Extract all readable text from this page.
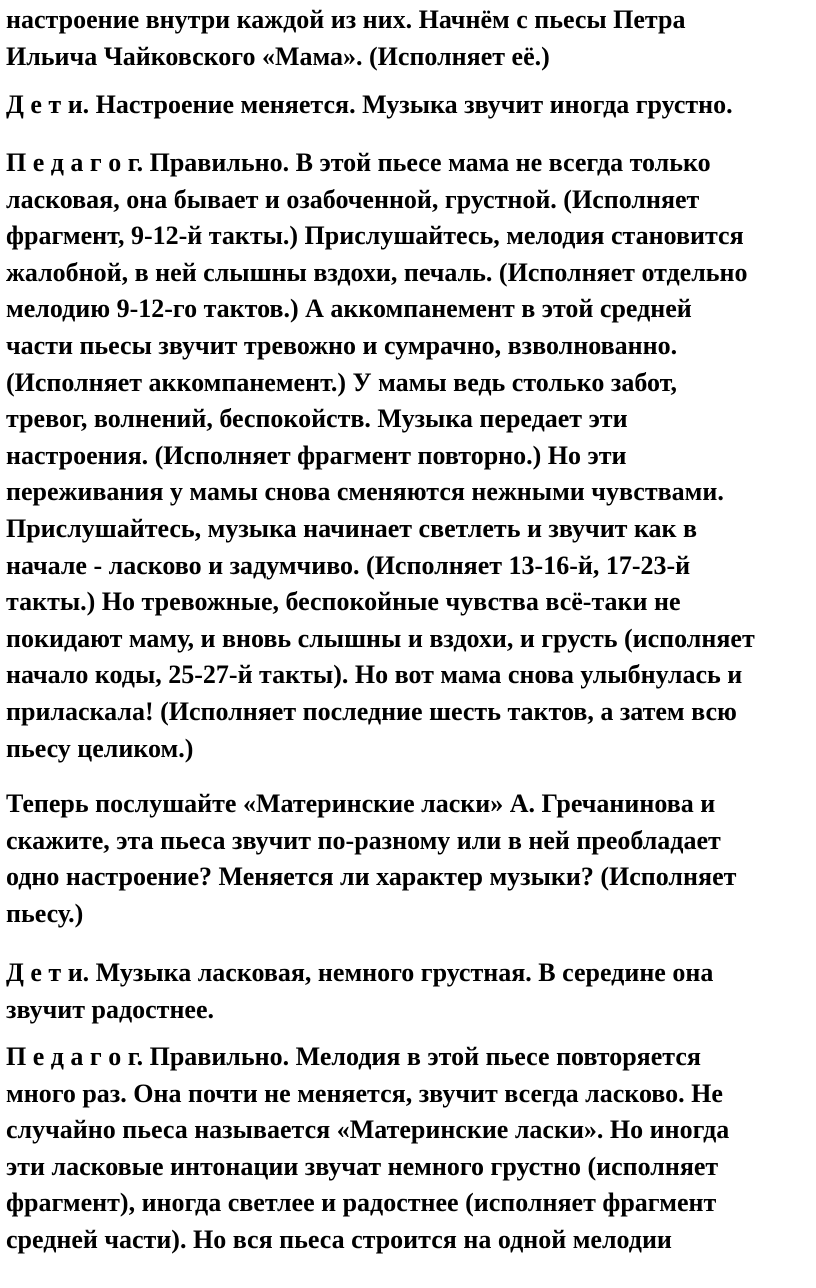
настроение внутри каждой из них. Начнём с пьесы Петра
Ильича Чайковского «Мама». (Исполняет её.)

Д е т и. Настроение меняется. Музыка звучит иногда грустно.

П е д а г о г. Правильно. В этой пьесе мама не всегда только
ласковая, она бывает и озабоченной, грустной. (Исполняет
фрагмент, 9-12-й такты.) Прислушайтесь, мелодия становится
жалобной, в ней слышны вздохи, печаль. (Исполняет отдельно
мелодию 9-12-го тактов.) А аккомпанемент в этой средней
части пьесы звучит тревожно и сумрачно, взволнованно.
(Исполняет аккомпанемент.) У мамы ведь столько забот,
тревог, волнений, беспокойств. Музыка передает эти
настроения. (Исполняет фрагмент повторно.) Но эти
переживания у мамы снова сменяются нежными чувствами.
Прислушайтесь, музыка начинает светлеть и звучит как в
начале - ласково и задумчиво. (Исполняет 13-16-й, 17-23-й
такты.) Но тревожные, беспокойные чувства всё-таки не
покидают маму, и вновь слышны и вздохи, и грусть (исполняет
начало коды, 25-27-й такты). Но вот мама снова улыбнулась и
приласкала! (Исполняет последние шесть тактов, а затем всю
пьесу целиком.)

Теперь послушайте «Материнские ласки» А. Гречанинова и
скажите, эта пьеса звучит по-разному или в ней преобладает
одно настроение? Меняется ли характер музыки? (Исполняет
пьесу.)

Д е т и. Музыка ласковая, немного грустная. В середине она
звучит радостнее.

П е д а г о г. Правильно. Мелодия в этой пьесе повторяется
много раз. Она почти не меняется, звучит всегда ласково. Не
случайно пьеса называется «Материнские ласки». Но иногда
эти ласковые интонации звучат немного грустно (исполняет
фрагмент), иногда светлее и радостнее (исполняет фрагмент
средней части). Но вся пьеса строится на одной мелодии
